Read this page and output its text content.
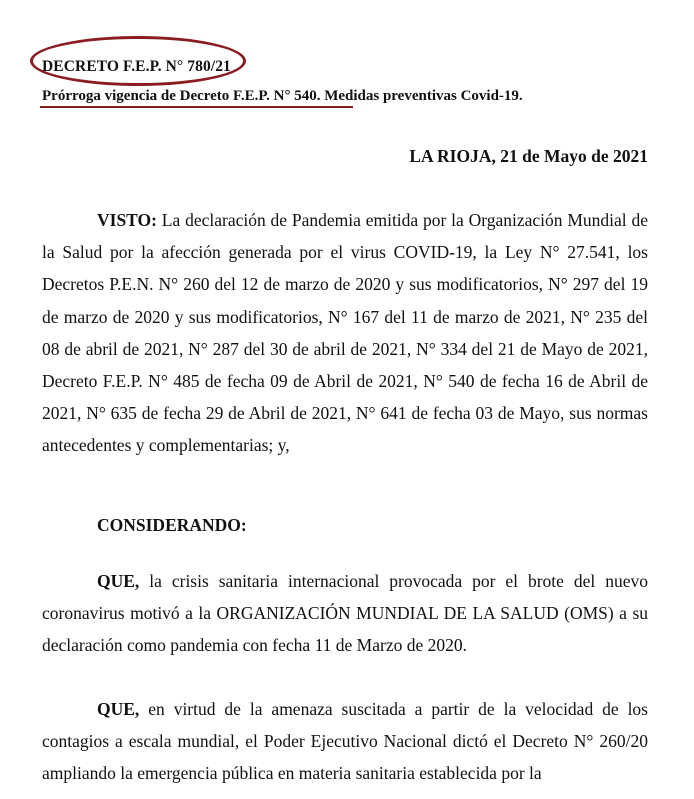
DECRETO F.E.P. N° 780/21
Prórroga vigencia de Decreto F.E.P. N° 540. Medidas preventivas Covid-19.
LA RIOJA, 21 de Mayo de 2021
VISTO: La declaración de Pandemia emitida por la Organización Mundial de la Salud por la afección generada por el virus COVID-19, la Ley N° 27.541, los Decretos P.E.N. N° 260 del 12 de marzo de 2020 y sus modificatorios, N° 297 del 19 de marzo de 2020 y sus modificatorios, N° 167 del 11 de marzo de 2021, N° 235 del 08 de abril de 2021, N° 287 del 30 de abril de 2021, N° 334 del 21 de Mayo de 2021, Decreto F.E.P. N° 485 de fecha 09 de Abril de 2021, N° 540 de fecha 16 de Abril de 2021, N° 635 de fecha 29 de Abril de 2021, N° 641 de fecha 03 de Mayo, sus normas antecedentes y complementarias; y,
CONSIDERANDO:
QUE, la crisis sanitaria internacional provocada por el brote del nuevo coronavirus motivó a la ORGANIZACIÓN MUNDIAL DE LA SALUD (OMS) a su declaración como pandemia con fecha 11 de Marzo de 2020.
QUE, en virtud de la amenaza suscitada a partir de la velocidad de los contagios a escala mundial, el Poder Ejecutivo Nacional dictó el Decreto N° 260/20 ampliando la emergencia pública en materia sanitaria establecida por la
